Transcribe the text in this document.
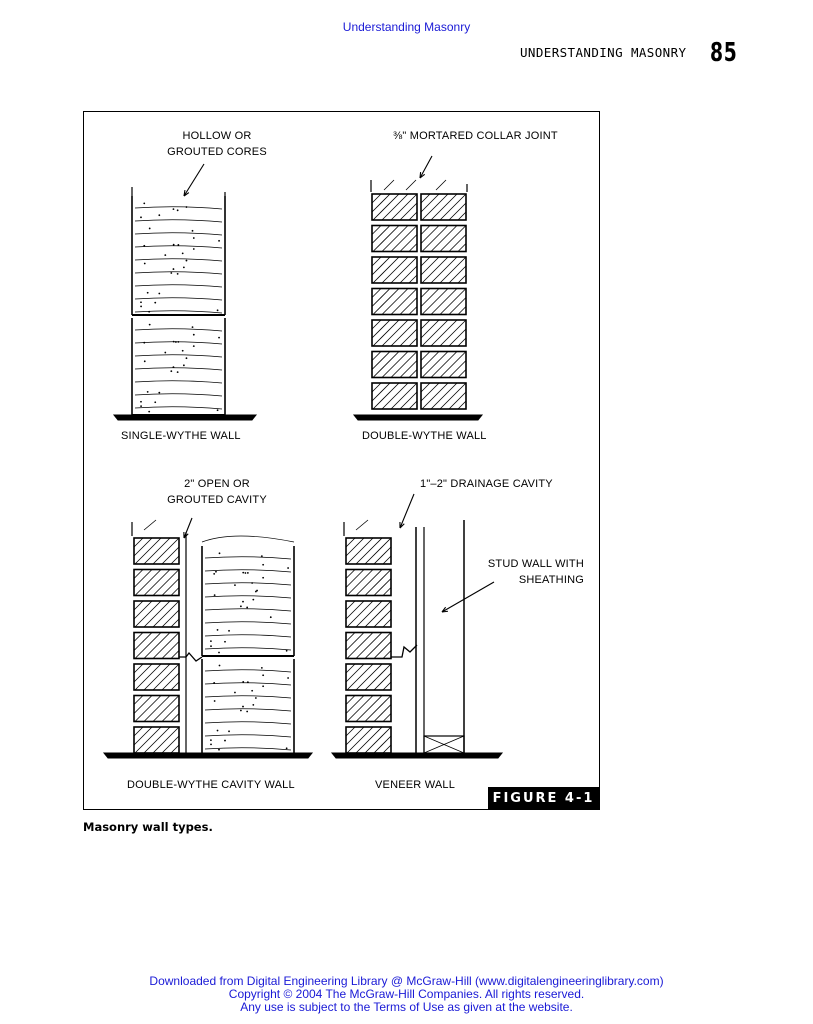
Understanding Masonry
UNDERSTANDING MASONRY 85
HOLLOW OR
GROUTED CORES
⅜" MORTARED COLLAR JOINT
SINGLE-WYTHE WALL	DOUBLE-WYTHE WALL
2" OPEN OR
GROUTED CAVITY
1"–2" DRAINAGE CAVITY
STUD WALL WITH
SHEATHING
DOUBLE-WYTHE CAVITY WALL	VENEER WALL
FIGURE 4-1
Masonry wall types.
Downloaded from Digital Engineering Library @ McGraw-Hill (www.digitalengineeringlibrary.com)
Copyright © 2004 The McGraw-Hill Companies. All rights reserved.
Any use is subject to the Terms of Use as given at the website.
